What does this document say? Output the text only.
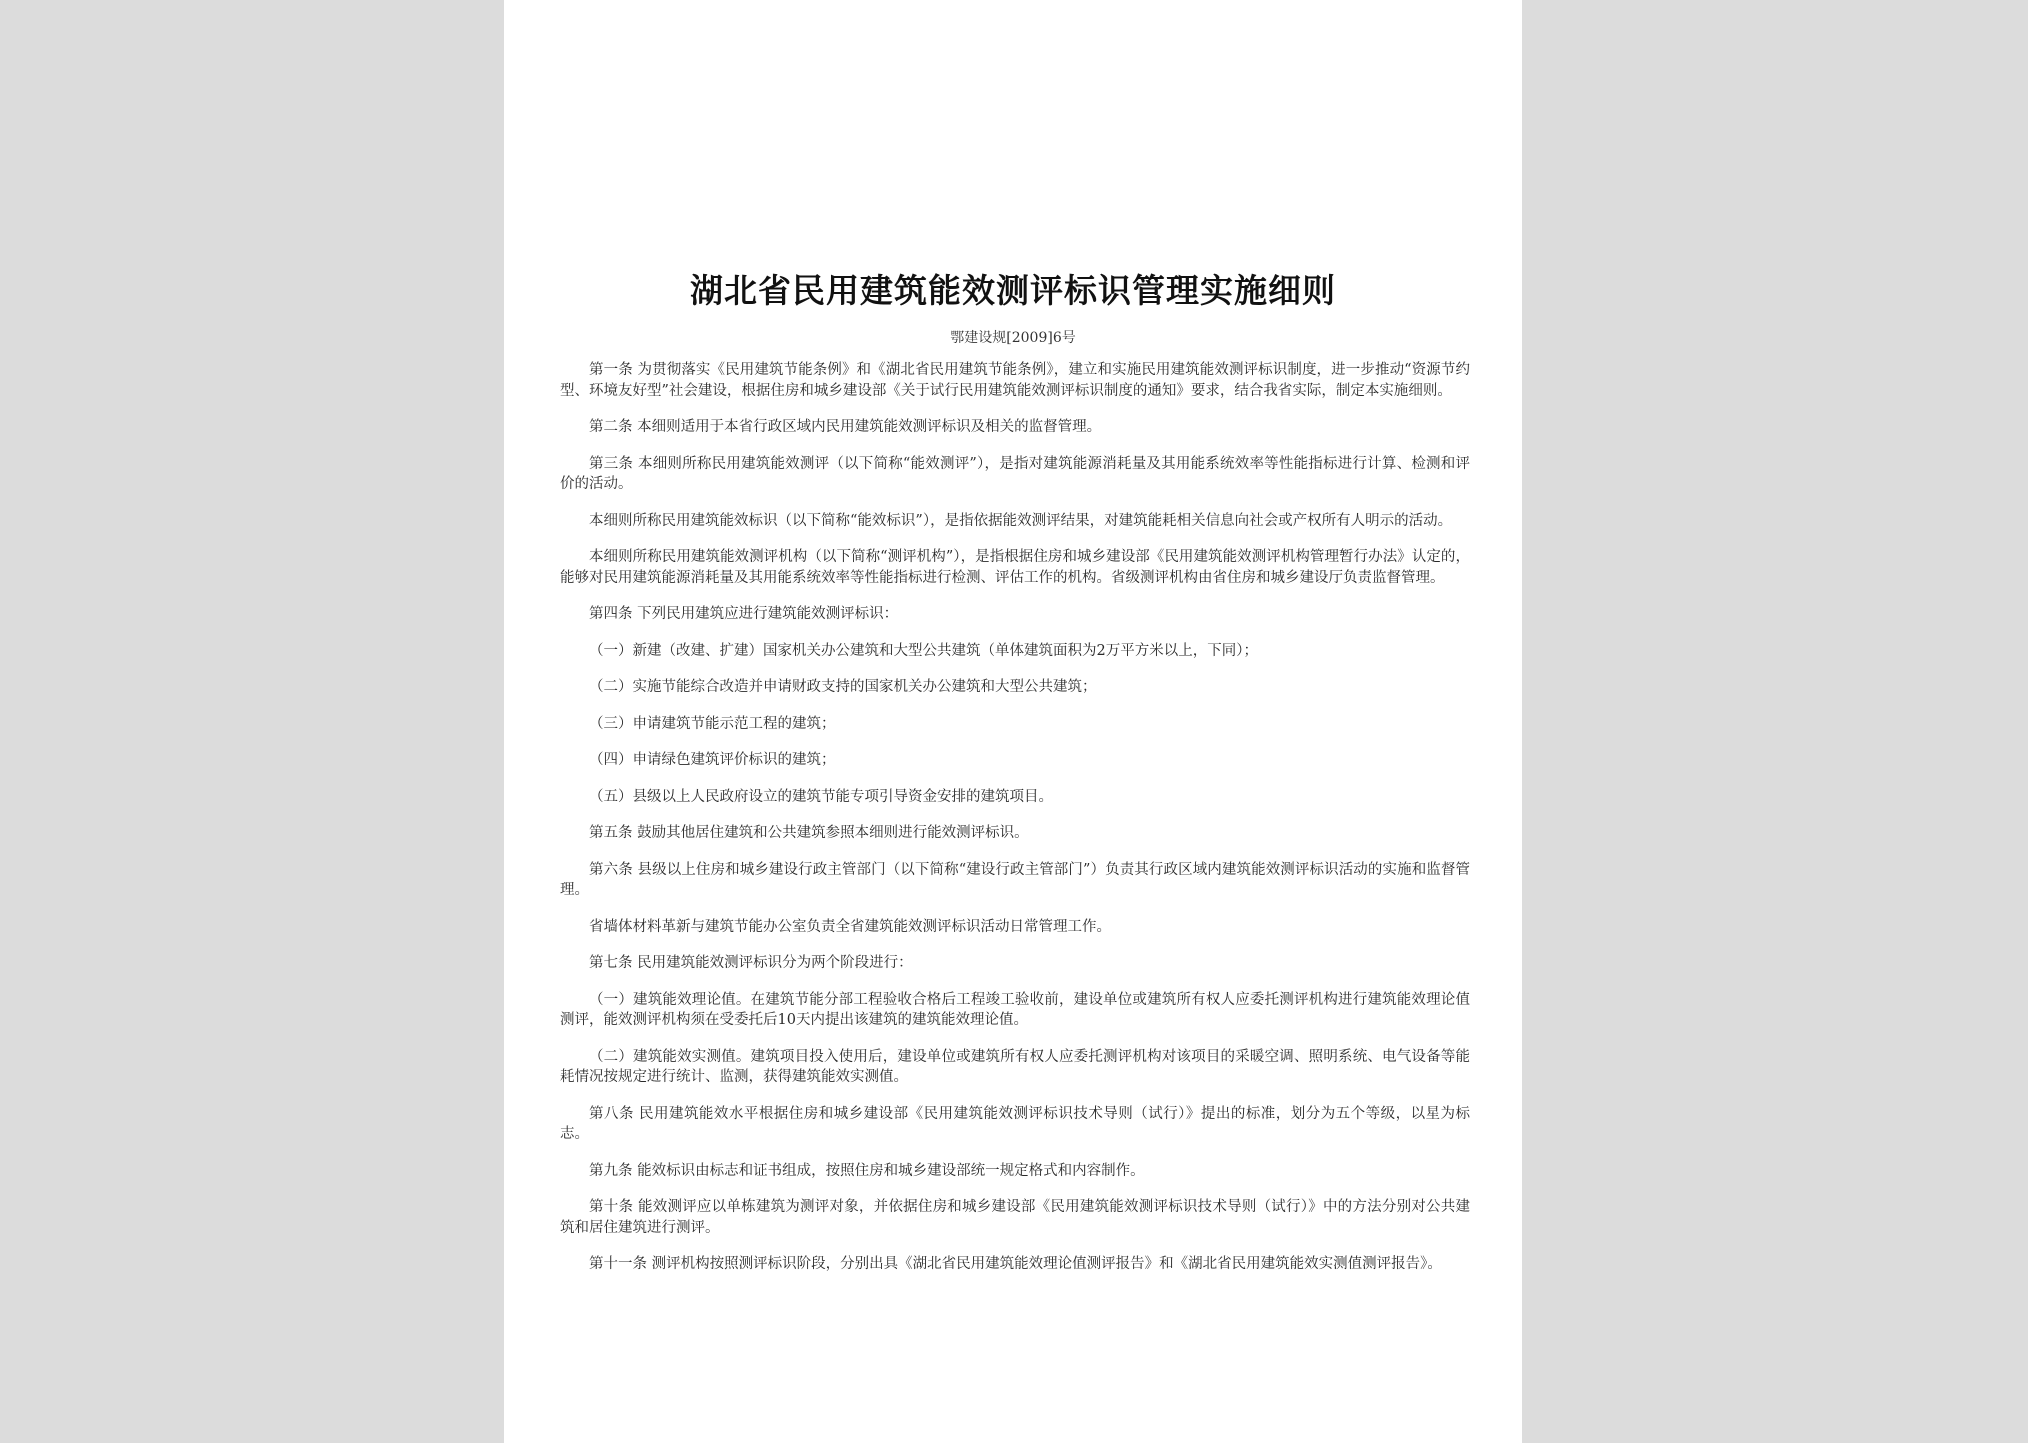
湖北省民用建筑能效测评标识管理实施细则
鄂建设规[2009]6号

第一条 为贯彻落实《民用建筑节能条例》和《湖北省民用建筑节能条例》，建立和实施民用建筑能效测评标识制度，进一步推动“资源节约型、环境友好型”社会建设，根据住房和城乡建设部《关于试行民用建筑能效测评标识制度的通知》要求，结合我省实际，制定本实施细则。

第二条 本细则适用于本省行政区域内民用建筑能效测评标识及相关的监督管理。

第三条 本细则所称民用建筑能效测评（以下简称“能效测评”），是指对建筑能源消耗量及其用能系统效率等性能指标进行计算、检测和评价的活动。

本细则所称民用建筑能效标识（以下简称“能效标识”），是指依据能效测评结果，对建筑能耗相关信息向社会或产权所有人明示的活动。

本细则所称民用建筑能效测评机构（以下简称“测评机构”），是指根据住房和城乡建设部《民用建筑能效测评机构管理暂行办法》认定的，能够对民用建筑能源消耗量及其用能系统效率等性能指标进行检测、评估工作的机构。省级测评机构由省住房和城乡建设厅负责监督管理。

第四条 下列民用建筑应进行建筑能效测评标识：

（一）新建（改建、扩建）国家机关办公建筑和大型公共建筑（单体建筑面积为2万平方米以上，下同）；

（二）实施节能综合改造并申请财政支持的国家机关办公建筑和大型公共建筑；

（三）申请建筑节能示范工程的建筑；

（四）申请绿色建筑评价标识的建筑；

（五）县级以上人民政府设立的建筑节能专项引导资金安排的建筑项目。

第五条 鼓励其他居住建筑和公共建筑参照本细则进行能效测评标识。

第六条 县级以上住房和城乡建设行政主管部门（以下简称“建设行政主管部门”）负责其行政区域内建筑能效测评标识活动的实施和监督管理。

省墙体材料革新与建筑节能办公室负责全省建筑能效测评标识活动日常管理工作。

第七条 民用建筑能效测评标识分为两个阶段进行：

（一）建筑能效理论值。在建筑节能分部工程验收合格后工程竣工验收前，建设单位或建筑所有权人应委托测评机构进行建筑能效理论值测评，能效测评机构须在受委托后10天内提出该建筑的建筑能效理论值。

（二）建筑能效实测值。建筑项目投入使用后，建设单位或建筑所有权人应委托测评机构对该项目的采暖空调、照明系统、电气设备等能耗情况按规定进行统计、监测，获得建筑能效实测值。

第八条 民用建筑能效水平根据住房和城乡建设部《民用建筑能效测评标识技术导则（试行）》提出的标准，划分为五个等级，以星为标志。

第九条 能效标识由标志和证书组成，按照住房和城乡建设部统一规定格式和内容制作。

第十条 能效测评应以单栋建筑为测评对象，并依据住房和城乡建设部《民用建筑能效测评标识技术导则（试行）》中的方法分别对公共建筑和居住建筑进行测评。

第十一条 测评机构按照测评标识阶段，分别出具《湖北省民用建筑能效理论值测评报告》和《湖北省民用建筑能效实测值测评报告》。
